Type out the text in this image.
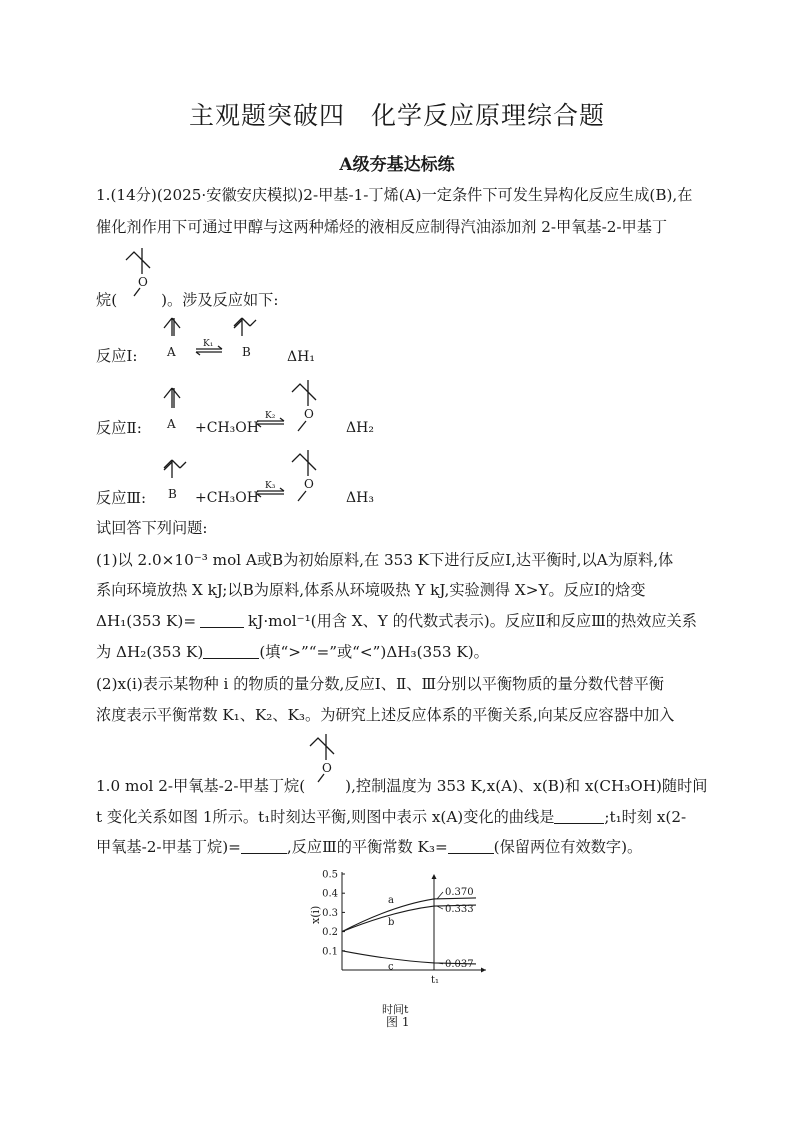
主观题突破四　化学反应原理综合题
A级夯基达标练
1.(14分)(2025·安徽安庆模拟)2-甲基-1-丁烯(A)一定条件下可发生异构化反应生成(B),在
催化剂作用下可通过甲醇与这两种烯烃的液相反应制得汽油添加剂 2-甲氧基-2-甲基丁
烷(	)。涉及反应如下:
O
反应Ⅰ: A
K₁
B	ΔH₁
反应Ⅱ: A +CH₃OH
K₂ O
ΔH₂
反应Ⅲ: B +CH₃OH
K₃ O
ΔH₃
试回答下列问题:
(1)以 2.0×10⁻³ mol A或B为初始原料,在 353 K下进行反应Ⅰ,达平衡时,以A为原料,体
系向环境放热 X kJ;以B为原料,体系从环境吸热 Y kJ,实验测得 X>Y。反应Ⅰ的焓变
ΔH₁(353 K)=	kJ·mol⁻¹(用含 X、Y 的代数式表示)。反应Ⅱ和反应Ⅲ的热效应关系
为 ΔH₂(353 K)	(填“>”“=”或“<”)ΔH₃(353 K)。
(2)x(i)表示某物种 i 的物质的量分数,反应Ⅰ、Ⅱ、Ⅲ分别以平衡物质的量分数代替平衡
浓度表示平衡常数 K₁、K₂、K₃。为研究上述反应体系的平衡关系,向某反应容器中加入
O
1.0 mol 2-甲氧基-2-甲基丁烷(	),控制温度为 353 K,x(A)、x(B)和 x(CH₃OH)随时间
t 变化关系如图 1所示。t₁时刻达平衡,则图中表示 x(A)变化的曲线是	;t₁时刻 x(2-
甲氧基-2-甲基丁烷)=	,反应Ⅲ的平衡常数 K₃=	(保留两位有效数字)。
t₁
0.1
0.2
0.3
0.4
0.5
a
0.370
b
0.333
c	0.037
时间t
x(i)
图 1
